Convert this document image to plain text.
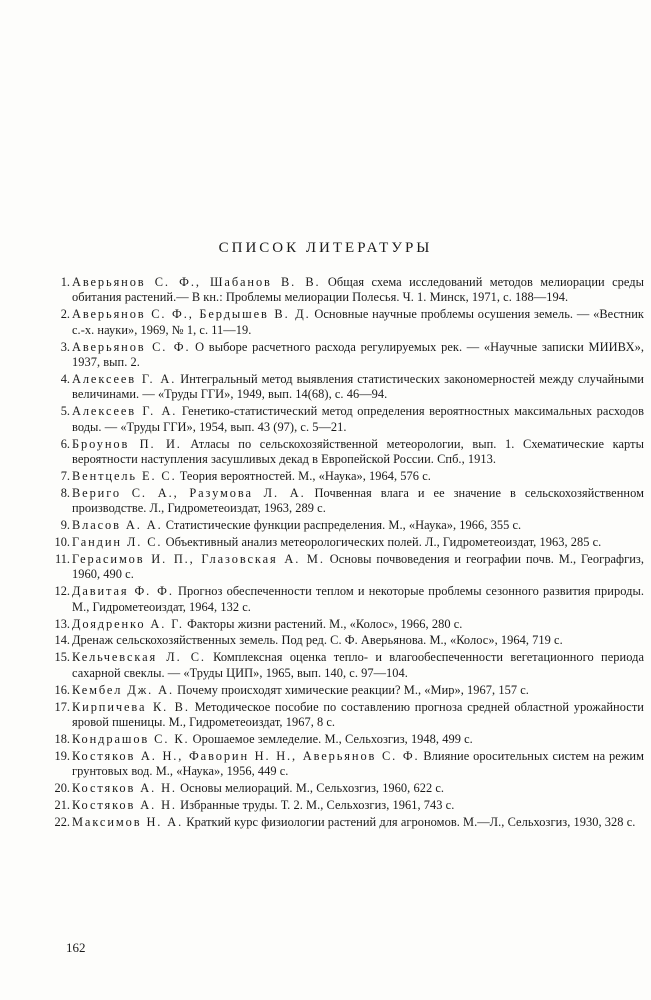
СПИСОК ЛИТЕРАТУРЫ
1. Аверьянов С. Ф., Шабанов В. В. Общая схема исследований методов мелиорации среды обитания растений.— В кн.: Проблемы мелиорации Полесья. Ч. 1. Минск, 1971, с. 188—194.
2. Аверьянов С. Ф., Бердышев В. Д. Основные научные проблемы осушения земель. — «Вестник с.-х. науки», 1969, № 1, с. 11—19.
3. Аверьянов С. Ф. О выборе расчетного расхода регулируемых рек. — «Научные записки МИИВХ», 1937, вып. 2.
4. Алексеев Г. А. Интегральный метод выявления статистических закономерностей между случайными величинами. — «Труды ГГИ», 1949, вып. 14(68), с. 46—94.
5. Алексеев Г. А. Генетико-статистический метод определения вероятностных максимальных расходов воды. — «Труды ГГИ», 1954, вып. 43 (97), с. 5—21.
6. Броунов П. И. Атласы по сельскохозяйственной метеорологии, вып. 1. Схематические карты вероятности наступления засушливых декад в Европейской России. Спб., 1913.
7. Вентцель Е. С. Теория вероятностей. М., «Наука», 1964, 576 с.
8. Вериго С. А., Разумова Л. А. Почвенная влага и ее значение в сельскохозяйственном производстве. Л., Гидрометеоиздат, 1963, 289 с.
9. Власов А. А. Статистические функции распределения. М., «Наука», 1966, 355 с.
10. Гандин Л. С. Объективный анализ метеорологических полей. Л., Гидрометеоиздат, 1963, 285 с.
11. Герасимов И. П., Глазовская А. М. Основы почвоведения и географии почв. М., Географгиз, 1960, 490 с.
12. Давитая Ф. Ф. Прогноз обеспеченности теплом и некоторые проблемы сезонного развития природы. М., Гидрометеоиздат, 1964, 132 с.
13. Доядренко А. Г. Факторы жизни растений. М., «Колос», 1966, 280 с.
14. Дренаж сельскохозяйственных земель. Под ред. С. Ф. Аверьянова. М., «Колос», 1964, 719 с.
15. Кельчевская Л. С. Комплексная оценка тепло- и влагообеспеченности вегетационного периода сахарной свеклы. — «Труды ЦИП», 1965, вып. 140, с. 97—104.
16. Кембел Дж. А. Почему происходят химические реакции? М., «Мир», 1967, 157 с.
17. Кирпичева К. В. Методическое пособие по составлению прогноза средней областной урожайности яровой пшеницы. М., Гидрометеоиздат, 1967, 8 с.
18. Кондрашов С. К. Орошаемое земледелие. М., Сельхозгиз, 1948, 499 с.
19. Костяков А. Н., Фаворин Н. Н., Аверьянов С. Ф. Влияние оросительных систем на режим грунтовых вод. М., «Наука», 1956, 449 с.
20. Костяков А. Н. Основы мелиораций. М., Сельхозгиз, 1960, 622 с.
21. Костяков А. Н. Избранные труды. Т. 2. М., Сельхозгиз, 1961, 743 с.
22. Максимов Н. А. Краткий курс физиологии растений для агрономов. М.—Л., Сельхозгиз, 1930, 328 с.
162
